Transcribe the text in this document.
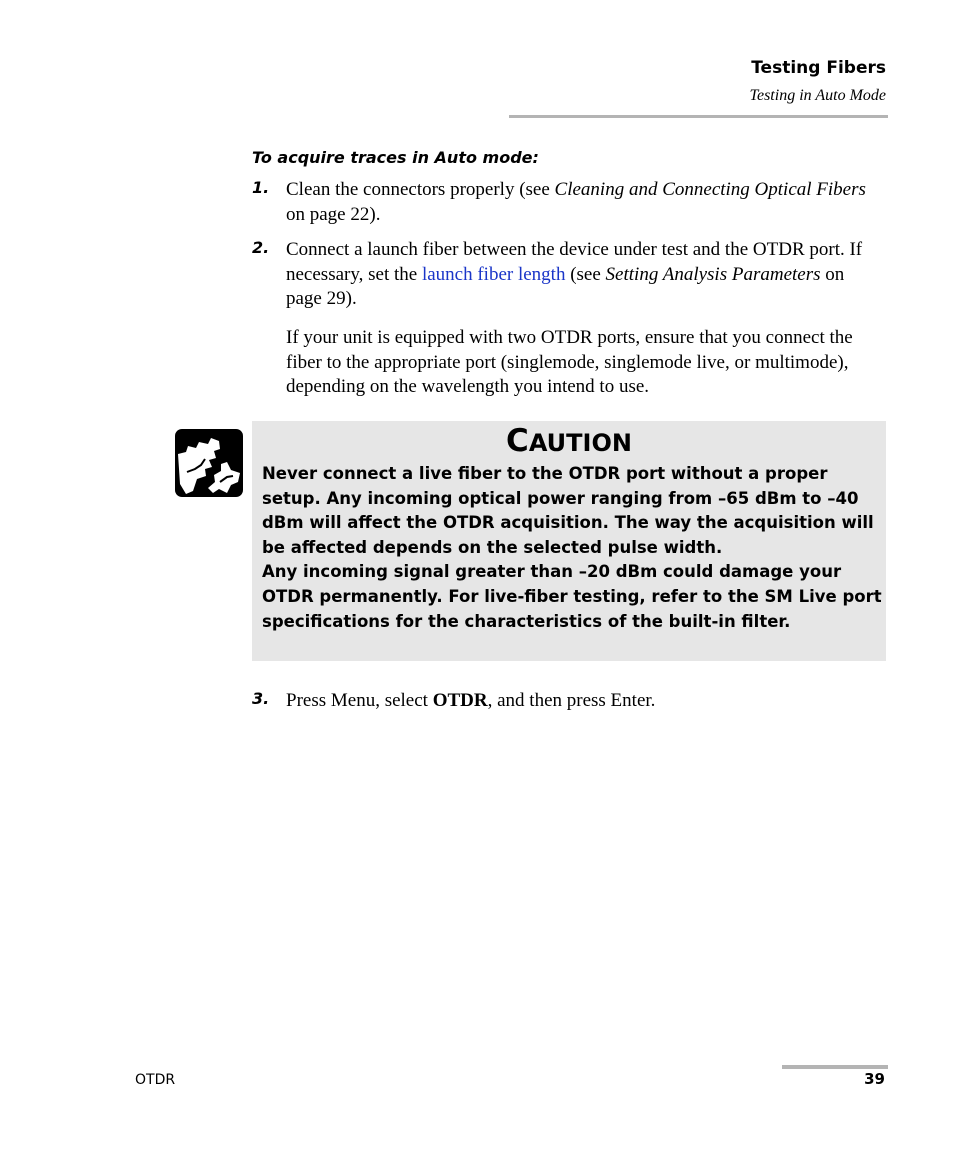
Testing Fibers
Testing in Auto Mode
To acquire traces in Auto mode:
1. Clean the connectors properly (see Cleaning and Connecting Optical Fibers on page 22).
2. Connect a launch fiber between the device under test and the OTDR port. If necessary, set the launch fiber length (see Setting Analysis Parameters on page 29).
If your unit is equipped with two OTDR ports, ensure that you connect the fiber to the appropriate port (singlemode, singlemode live, or multimode), depending on the wavelength you intend to use.
CAUTION
Never connect a live fiber to the OTDR port without a proper setup. Any incoming optical power ranging from –65 dBm to –40 dBm will affect the OTDR acquisition. The way the acquisition will be affected depends on the selected pulse width.
Any incoming signal greater than –20 dBm could damage your OTDR permanently. For live-fiber testing, refer to the SM Live port specifications for the characteristics of the built-in filter.
3. Press Menu, select OTDR, and then press Enter.
OTDR	39
